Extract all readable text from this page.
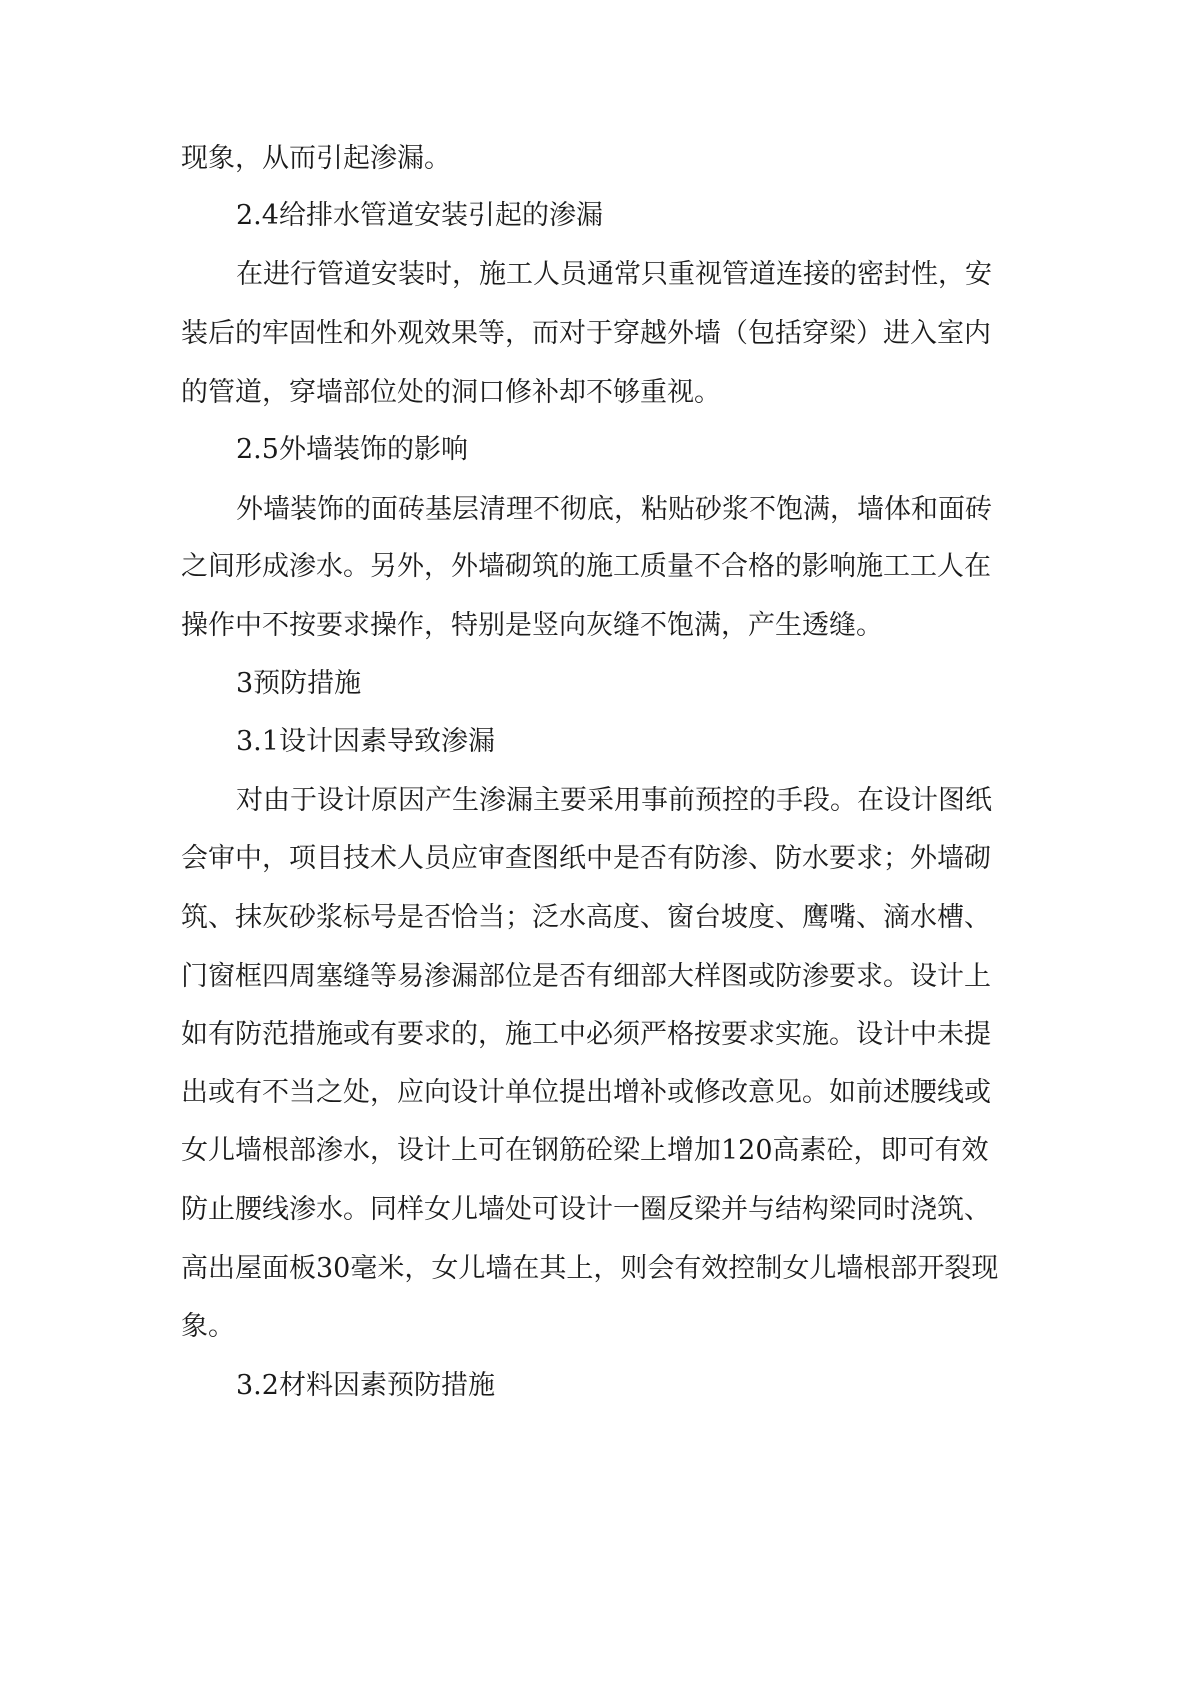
现象，从而引起渗漏。
2.4给排水管道安装引起的渗漏
在进行管道安装时，施工人员通常只重视管道连接的密封性，安
装后的牢固性和外观效果等，而对于穿越外墙（包括穿梁）进入室内
的管道，穿墙部位处的洞口修补却不够重视。
2.5外墙装饰的影响
外墙装饰的面砖基层清理不彻底，粘贴砂浆不饱满，墙体和面砖
之间形成渗水。另外，外墙砌筑的施工质量不合格的影响施工工人在
操作中不按要求操作，特别是竖向灰缝不饱满，产生透缝。
3预防措施
3.1设计因素导致渗漏
对由于设计原因产生渗漏主要采用事前预控的手段。在设计图纸
会审中，项目技术人员应审查图纸中是否有防渗、防水要求；外墙砌
筑、抹灰砂浆标号是否恰当；泛水高度、窗台坡度、鹰嘴、滴水槽、
门窗框四周塞缝等易渗漏部位是否有细部大样图或防渗要求。设计上
如有防范措施或有要求的，施工中必须严格按要求实施。设计中未提
出或有不当之处，应向设计单位提出增补或修改意见。如前述腰线或
女儿墙根部渗水，设计上可在钢筋砼梁上增加120高素砼，即可有效
防止腰线渗水。同样女儿墙处可设计一圈反梁并与结构梁同时浇筑、
高出屋面板30毫米，女儿墙在其上，则会有效控制女儿墙根部开裂现
象。
3.2材料因素预防措施
